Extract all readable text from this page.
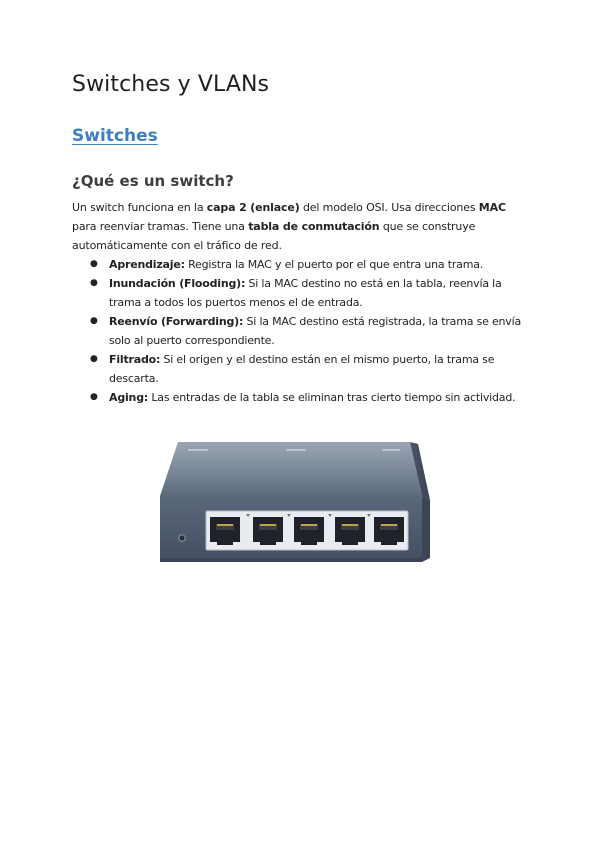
Switches y VLANs
Switches
¿Qué es un switch?

Un switch funciona en la capa 2 (enlace) del modelo OSI. Usa direcciones MAC para reenviar tramas. Tiene una tabla de conmutación que se construye automáticamente con el tráfico de red.

● Aprendizaje: Registra la MAC y el puerto por el que entra una trama.
● Inundación (Flooding): Si la MAC destino no está en la tabla, reenvía la trama a todos los puertos menos el de entrada.
● Reenvío (Forwarding): Si la MAC destino está registrada, la trama se envía solo al puerto correspondiente.
● Filtrado: Si el origen y el destino están en el mismo puerto, la trama se descarta.
● Aging: Las entradas de la tabla se eliminan tras cierto tiempo sin actividad.
